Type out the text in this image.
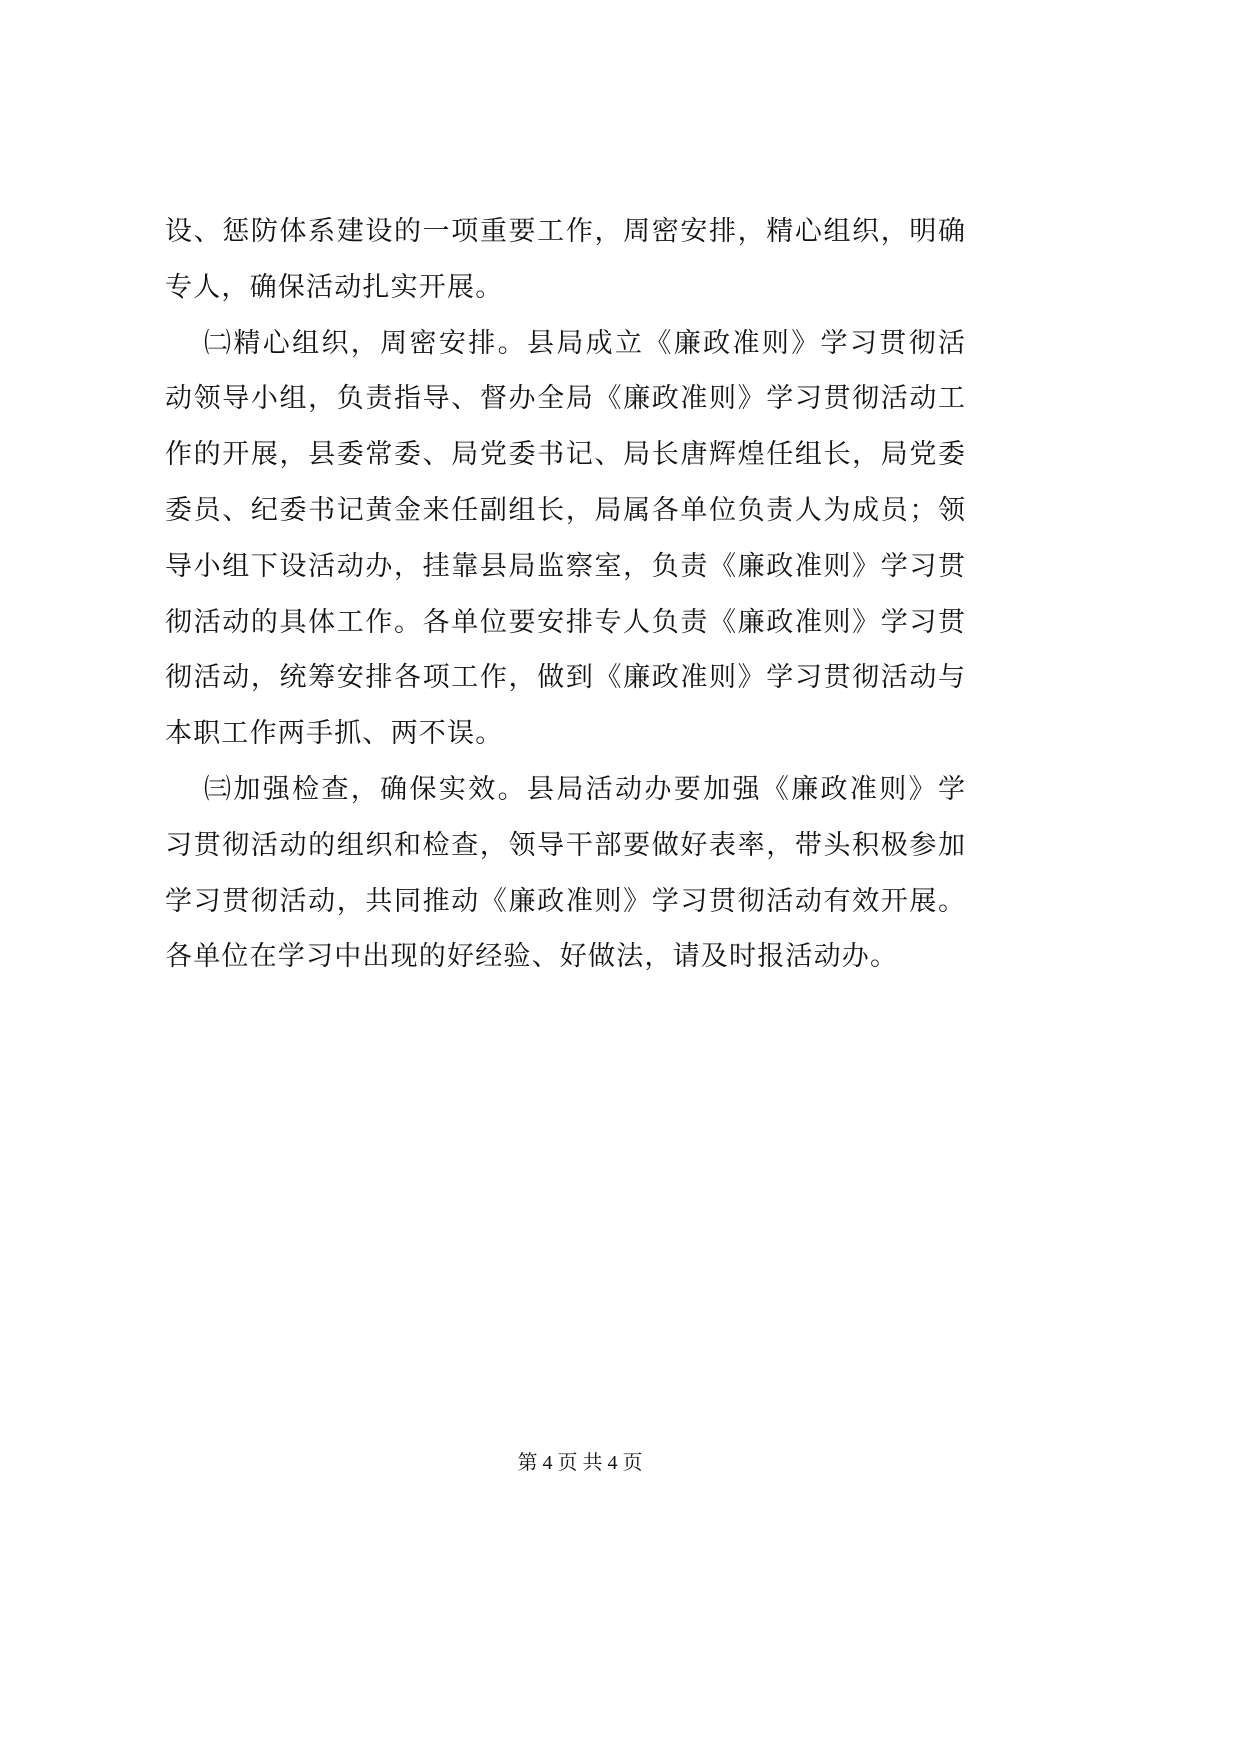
设、惩防体系建设的一项重要工作，周密安排，精心组织，明确
专人，确保活动扎实开展。
㈡精心组织，周密安排。县局成立《廉政准则》学习贯彻活
动领导小组，负责指导、督办全局《廉政准则》学习贯彻活动工
作的开展，县委常委、局党委书记、局长唐辉煌任组长，局党委
委员、纪委书记黄金来任副组长，局属各单位负责人为成员；领
导小组下设活动办，挂靠县局监察室，负责《廉政准则》学习贯
彻活动的具体工作。各单位要安排专人负责《廉政准则》学习贯
彻活动，统筹安排各项工作，做到《廉政准则》学习贯彻活动与
本职工作两手抓、两不误。
㈢加强检查，确保实效。县局活动办要加强《廉政准则》学
习贯彻活动的组织和检查，领导干部要做好表率，带头积极参加
学习贯彻活动，共同推动《廉政准则》学习贯彻活动有效开展。
各单位在学习中出现的好经验、好做法，请及时报活动办。
第 4 页 共 4 页
